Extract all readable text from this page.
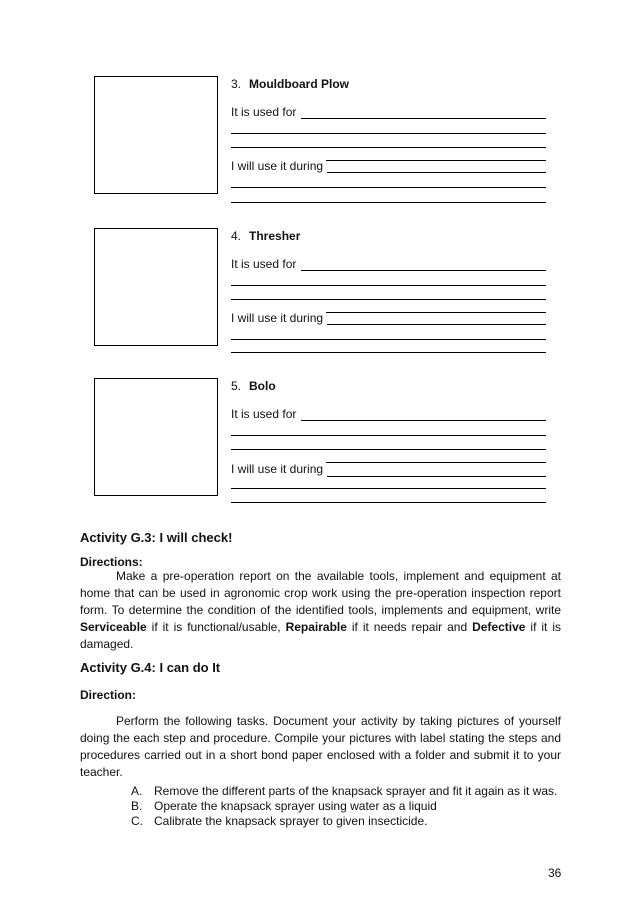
3. Mouldboard Plow
It is used for
I will use it during
4. Thresher
It is used for
I will use it during
5. Bolo
It is used for
I will use it during
Activity G.3: I will check!
Directions:
Make a pre-operation report on the available tools, implement and equipment at home that can be used in agronomic crop work using the pre-operation inspection report form. To determine the condition of the identified tools, implements and equipment, write Serviceable if it is functional/usable, Repairable if it needs repair and Defective if it is damaged.
Activity G.4: I can do It
Direction:
Perform the following tasks. Document your activity by taking pictures of yourself doing the each step and procedure. Compile your pictures with label stating the steps and procedures carried out in a short bond paper enclosed with a folder and submit it to your teacher.
A. Remove the different parts of the knapsack sprayer and fit it again as it was.
B. Operate the knapsack sprayer using water as a liquid
C. Calibrate the knapsack sprayer to given insecticide.
36
